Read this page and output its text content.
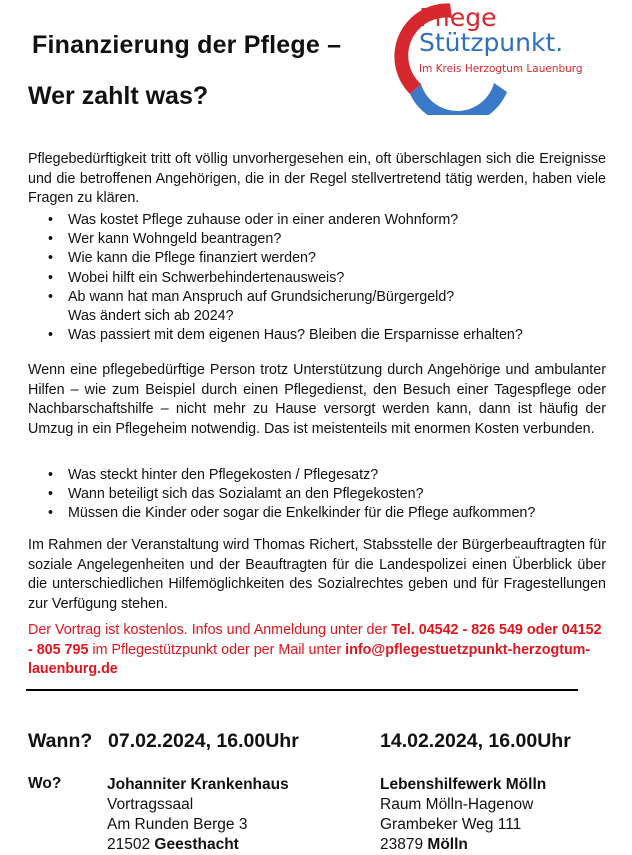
Finanzierung der Pflege –
Wer zahlt was?
Pflege
Stützpunkt.
Im Kreis Herzogtum Lauenburg
Pflegebedürftigkeit tritt oft völlig unvorhergesehen ein, oft überschlagen sich die Ereignisse und die betroffenen Angehörigen, die in der Regel stellvertretend tätig werden, haben viele Fragen zu klären.
• Was kostet Pflege zuhause oder in einer anderen Wohnform?
• Wer kann Wohngeld beantragen?
• Wie kann die Pflege finanziert werden?
• Wobei hilft ein Schwerbehindertenausweis?
• Ab wann hat man Anspruch auf Grundsicherung/Bürgergeld?
Was ändert sich ab 2024?
• Was passiert mit dem eigenen Haus? Bleiben die Ersparnisse erhalten?
Wenn eine pflegebedürftige Person trotz Unterstützung durch Angehörige und ambulanter Hilfen – wie zum Beispiel durch einen Pflegedienst, den Besuch einer Tagespflege oder Nachbarschaftshilfe – nicht mehr zu Hause versorgt werden kann, dann ist häufig der Umzug in ein Pflegeheim notwendig. Das ist meistenteils mit enormen Kosten verbunden.
• Was steckt hinter den Pflegekosten / Pflegesatz?
• Wann beteiligt sich das Sozialamt an den Pflegekosten?
• Müssen die Kinder oder sogar die Enkelkinder für die Pflege aufkommen?
Im Rahmen der Veranstaltung wird Thomas Richert, Stabsstelle der Bürgerbeauftragten für soziale Angelegenheiten und der Beauftragten für die Landespolizei einen Überblick über die unterschiedlichen Hilfemöglichkeiten des Sozialrechtes geben und für Fragestellungen zur Verfügung stehen.
Der Vortrag ist kostenlos. Infos und Anmeldung unter der Tel. 04542 - 826 549 oder 04152 - 805 795 im Pflegestützpunkt oder per Mail unter info@pflegestuetzpunkt-herzogtum-lauenburg.de
Wann? 07.02.2024, 16.00Uhr	14.02.2024, 16.00Uhr
Wo?	Johanniter Krankenhaus
Vortragssaal
Am Runden Berge 3
21502 Geesthacht
Lebenshilfewerk Mölln
Raum Mölln-Hagenow
Grambeker Weg 111
23879 Mölln
